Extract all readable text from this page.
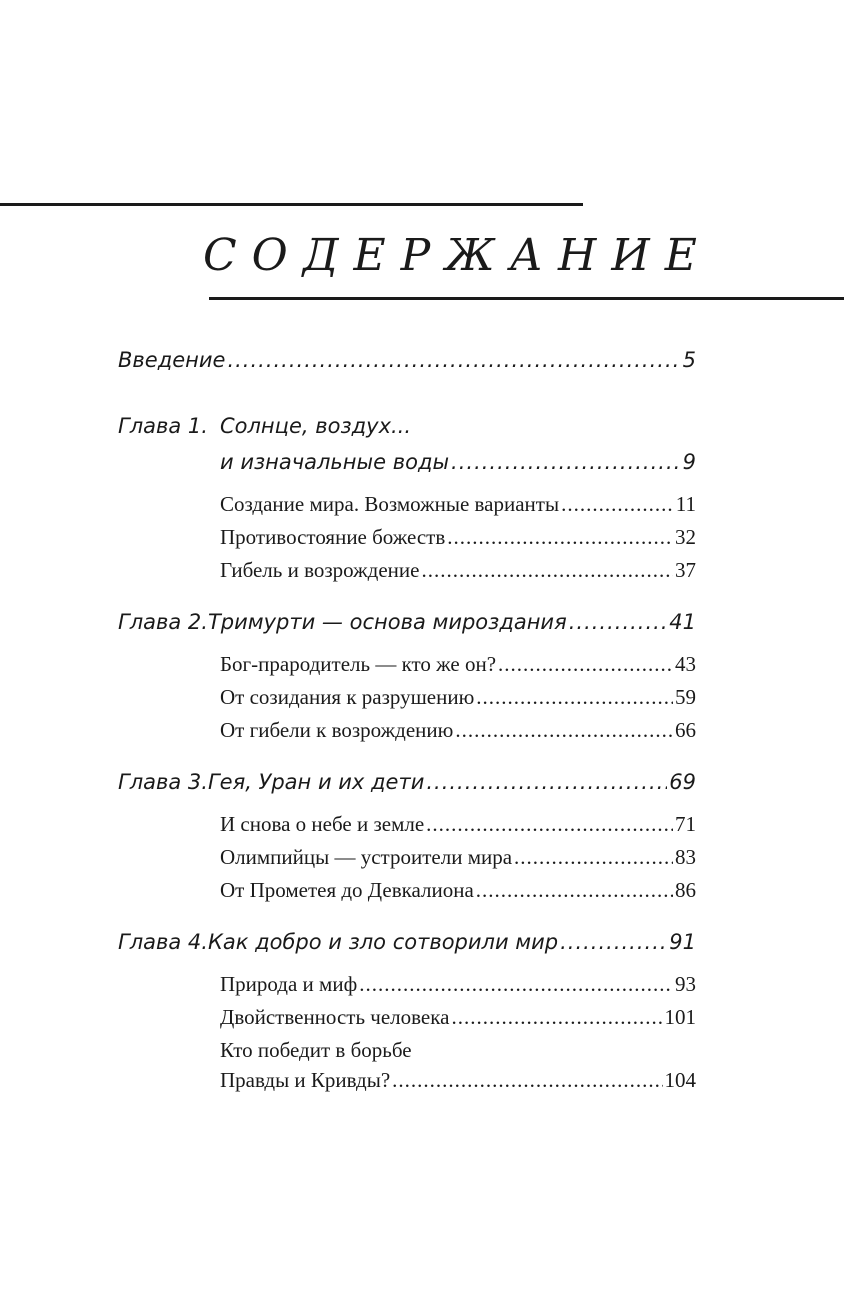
СОДЕРЖАНИЕ
Введение .....	5
Глава 1. Солнце, воздух...
и изначальные воды .....	9
Создание мира. Возможные варианты .....	11
Противостояние божеств .....	32
Гибель и возрождение .....	37
Глава 2. Тримурти — основа мироздания .....	41
Бог-прародитель — кто же он? .....	43
От созидания к разрушению .....	59
От гибели к возрождению .....	66
Глава 3. Гея, Уран и их дети .....	69
И снова о небе и земле .....	71
Олимпийцы — устроители мира .....	83
От Прометея до Девкалиона .....	86
Глава 4. Как добро и зло сотворили мир .....	91
Природа и миф .....	93
Двойственность человека .....	101
Кто победит в борьбе
Правды и Кривды? .....	104
